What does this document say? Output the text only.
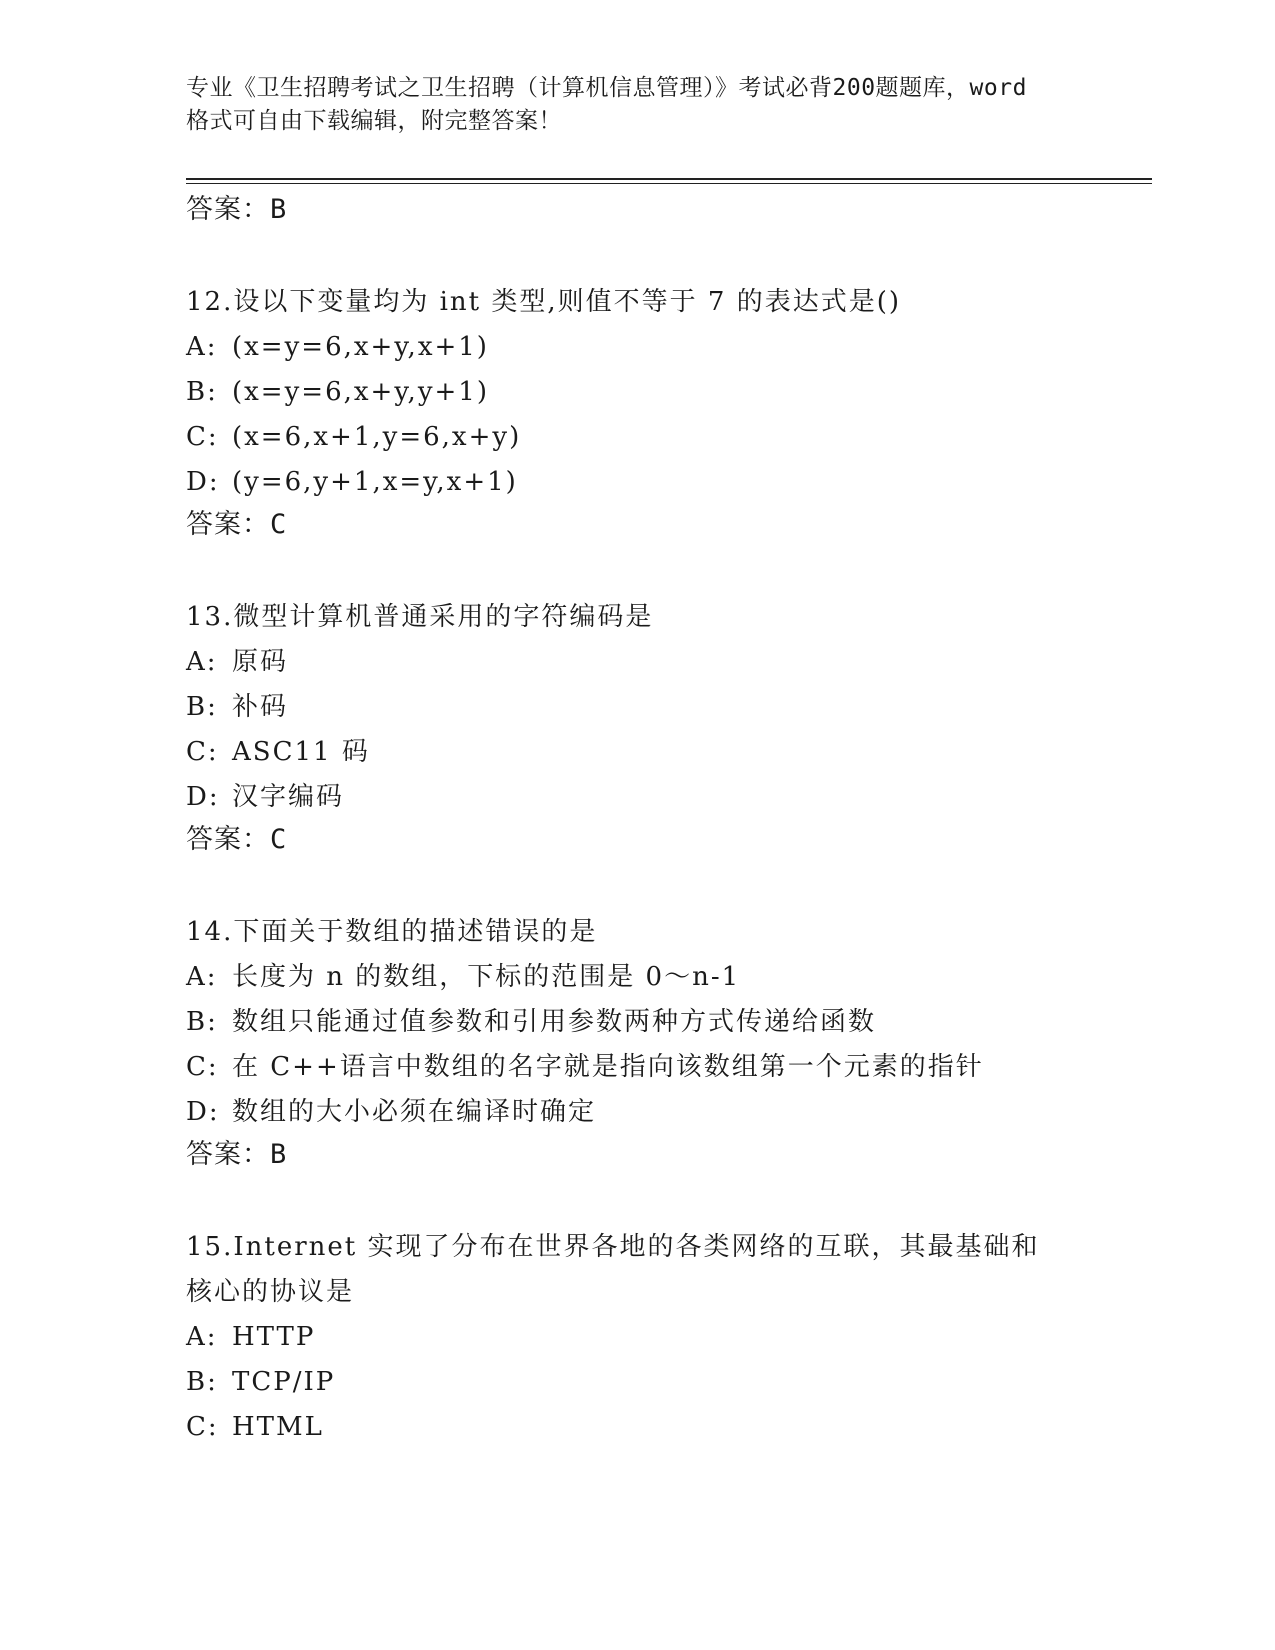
专业《卫生招聘考试之卫生招聘（计算机信息管理）》考试必背200题题库，word
格式可自由下载编辑，附完整答案！
答案：B
12.设以下变量均为 int 类型,则值不等于 7 的表达式是()
A: (x=y=6,x+y,x+1)
B: (x=y=6,x+y,y+1)
C: (x=6,x+1,y=6,x+y)
D: (y=6,y+1,x=y,x+1)
答案：C
13.微型计算机普通采用的字符编码是
A: 原码
B: 补码
C: ASC11 码
D: 汉字编码
答案：C
14.下面关于数组的描述错误的是
A: 长度为 n 的数组，下标的范围是 0～n-1
B: 数组只能通过值参数和引用参数两种方式传递给函数
C: 在 C++语言中数组的名字就是指向该数组第一个元素的指针
D: 数组的大小必须在编译时确定
答案：B
15.Internet 实现了分布在世界各地的各类网络的互联，其最基础和核心的协议是
A: HTTP
B: TCP/IP
C: HTML
